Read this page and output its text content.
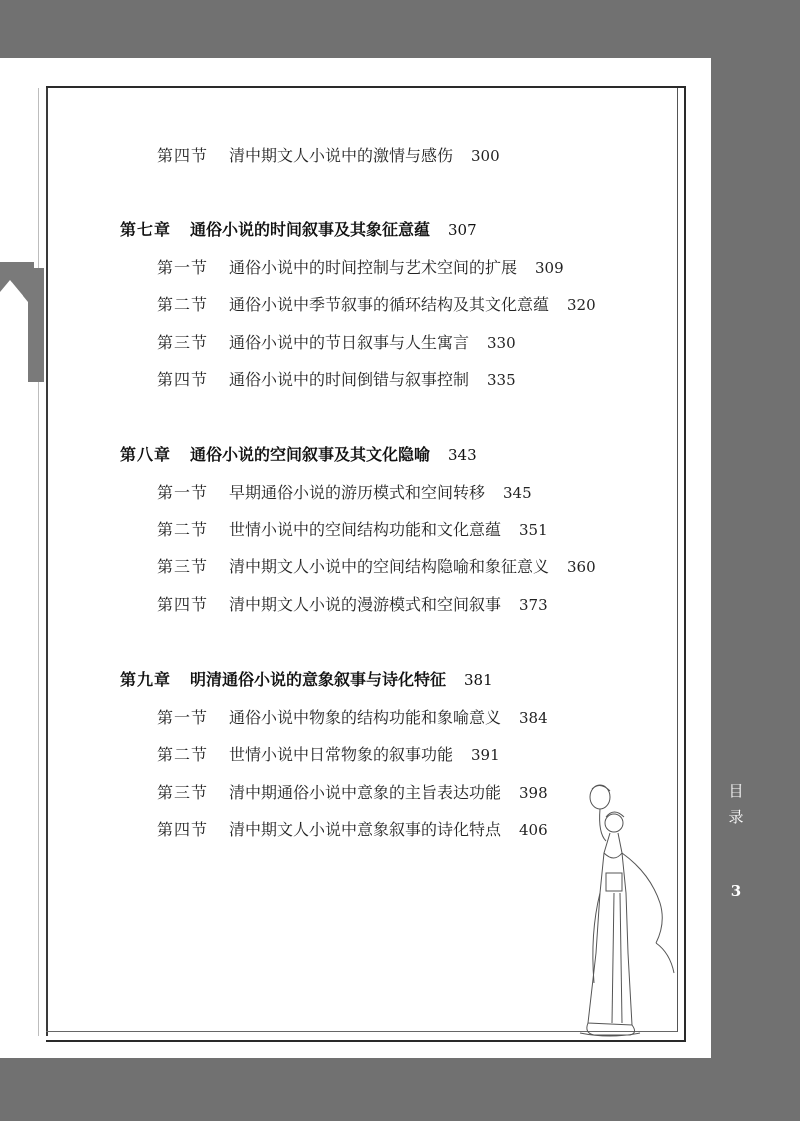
第四节 清中期文人小说中的激情与感伤 300
第七章 通俗小说的时间叙事及其象征意蕴 307
第一节 通俗小说中的时间控制与艺术空间的扩展 309
第二节 通俗小说中季节叙事的循环结构及其文化意蕴 320
第三节 通俗小说中的节日叙事与人生寓言 330
第四节 通俗小说中的时间倒错与叙事控制 335
第八章 通俗小说的空间叙事及其文化隐喻 343
第一节 早期通俗小说的游历模式和空间转移 345
第二节 世情小说中的空间结构功能和文化意蕴 351
第三节 清中期文人小说中的空间结构隐喻和象征意义 360
第四节 清中期文人小说的漫游模式和空间叙事 373
第九章 明清通俗小说的意象叙事与诗化特征 381
第一节 通俗小说中物象的结构功能和象喻意义 384
第二节 世情小说中日常物象的叙事功能 391
第三节 清中期通俗小说中意象的主旨表达功能 398
第四节 清中期文人小说中意象叙事的诗化特点 406
目
录
3
